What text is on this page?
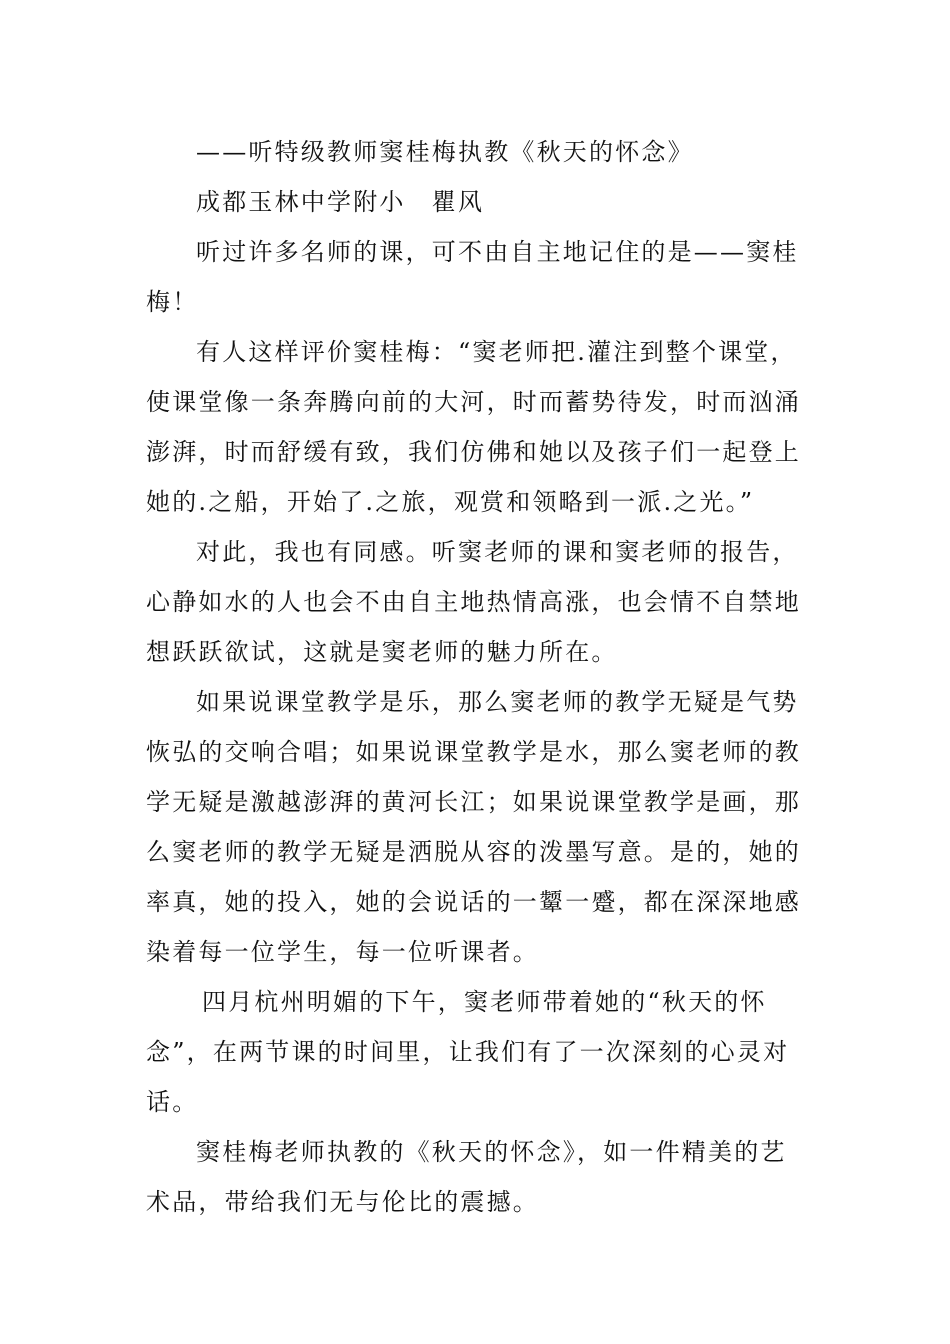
——听特级教师窦桂梅执教《秋天的怀念》
成都玉林中学附小　瞿风
听过许多名师的课，可不由自主地记住的是——窦桂
梅！
有人这样评价窦桂梅：“窦老师把.灌注到整个课堂，
使课堂像一条奔腾向前的大河，时而蓄势待发，时而汹涌
澎湃，时而舒缓有致，我们仿佛和她以及孩子们一起登上
她的.之船，开始了.之旅，观赏和领略到一派.之光。”
对此，我也有同感。听窦老师的课和窦老师的报告，
心静如水的人也会不由自主地热情高涨，也会情不自禁地
想跃跃欲试，这就是窦老师的魅力所在。
如果说课堂教学是乐，那么窦老师的教学无疑是气势
恢弘的交响合唱；如果说课堂教学是水，那么窦老师的教
学无疑是激越澎湃的黄河长江；如果说课堂教学是画，那
么窦老师的教学无疑是洒脱从容的泼墨写意。是的，她的
率真，她的投入，她的会说话的一颦一蹙，都在深深地感
染着每一位学生，每一位听课者。
四月杭州明媚的下午，窦老师带着她的“秋天的怀
念”，在两节课的时间里，让我们有了一次深刻的心灵对
话。
窦桂梅老师执教的《秋天的怀念》，如一件精美的艺
术品，带给我们无与伦比的震撼。
